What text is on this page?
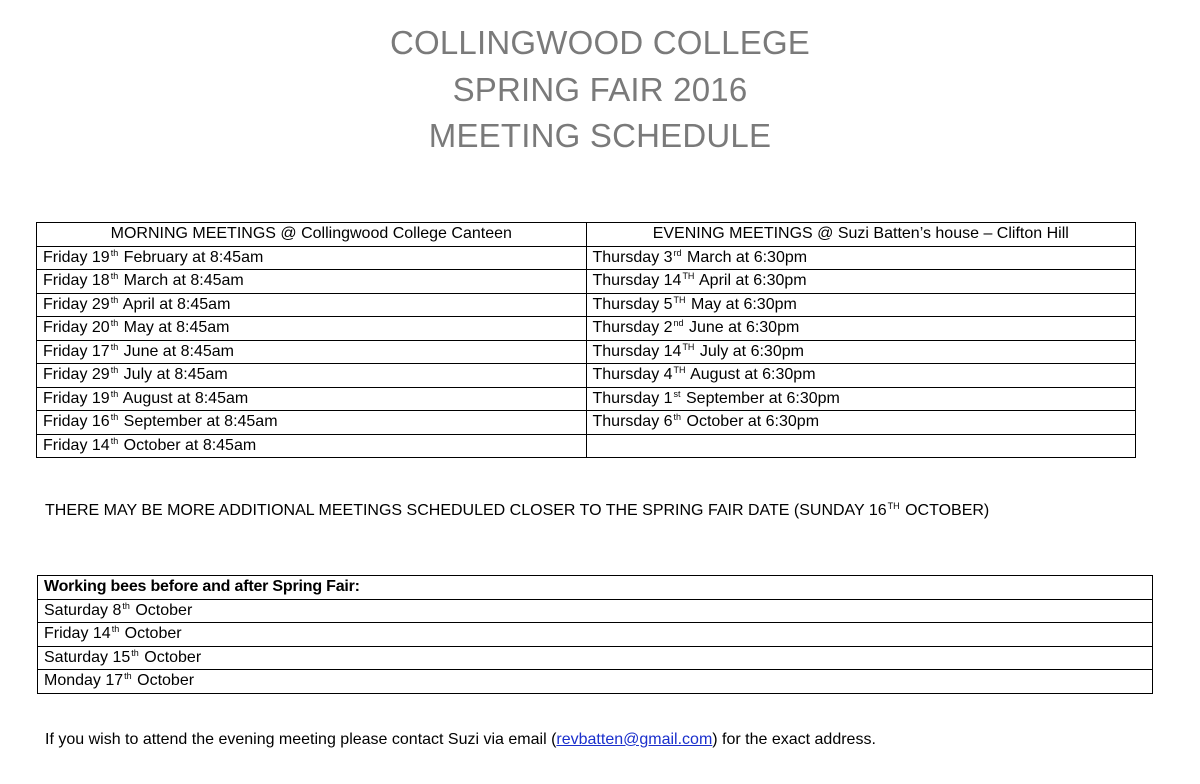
COLLINGWOOD COLLEGE
SPRING FAIR 2016
MEETING SCHEDULE
MORNING MEETINGS @ Collingwood College Canteen	EVENING MEETINGS @ Suzi Batten’s house – Clifton Hill
Friday 19th February at 8:45am	Thursday 3rd March at 6:30pm
Friday 18th March at 8:45am	Thursday 14TH April at 6:30pm
Friday 29th April at 8:45am	Thursday 5TH May at 6:30pm
Friday 20th May at 8:45am	Thursday 2nd June at 6:30pm
Friday 17th June at 8:45am	Thursday 14TH July at 6:30pm
Friday 29th July at 8:45am	Thursday 4TH August at 6:30pm
Friday 19th August at 8:45am	Thursday 1st September at 6:30pm
Friday 16th September at 8:45am	Thursday 6th October at 6:30pm
Friday 14th October at 8:45am	
THERE MAY BE MORE ADDITIONAL MEETINGS SCHEDULED CLOSER TO THE SPRING FAIR DATE (SUNDAY 16TH OCTOBER)
Working bees before and after Spring Fair:
Saturday 8th October
Friday 14th October
Saturday 15th October
Monday 17th October
If you wish to attend the evening meeting please contact Suzi via email (revbatten@gmail.com) for the exact address.
